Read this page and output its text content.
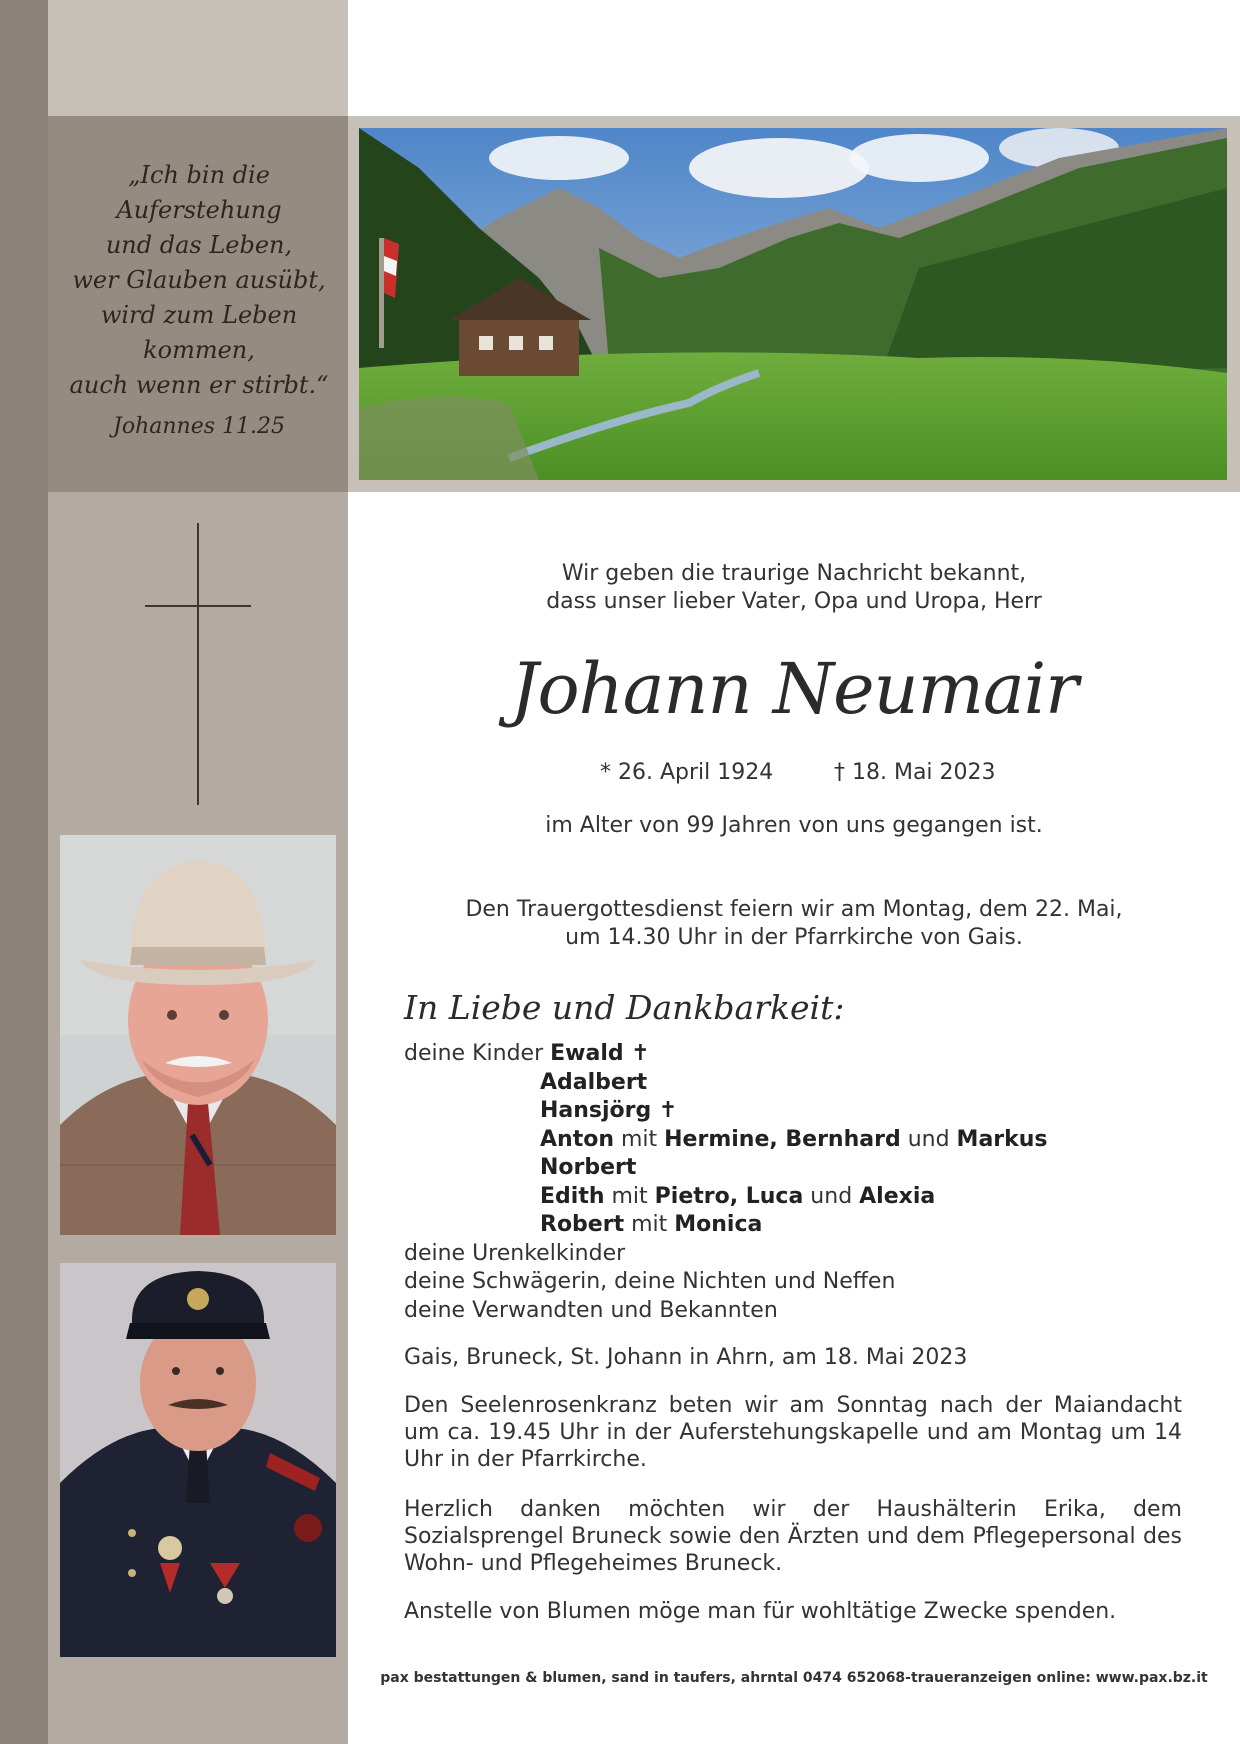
„Ich bin die
Auferstehung
und das Leben,
wer Glauben ausübt,
wird zum Leben
kommen,
auch wenn er stirbt.“
Johannes 11.25
Wir geben die traurige Nachricht bekannt,
dass unser lieber Vater, Opa und Uropa, Herr
Johann Neumair
* 26. April 1924	† 18. Mai 2023
im Alter von 99 Jahren von uns gegangen ist.
Den Trauergottesdienst feiern wir am Montag, dem 22. Mai,
um 14.30 Uhr in der Pfarrkirche von Gais.
In Liebe und Dankbarkeit:
deine Kinder Ewald ✝
Adalbert
Hansjörg ✝
Anton mit Hermine, Bernhard und Markus
Norbert
Edith mit Pietro, Luca und Alexia
Robert mit Monica
deine Urenkelkinder
deine Schwägerin, deine Nichten und Neffen
deine Verwandten und Bekannten
Gais, Bruneck, St. Johann in Ahrn, am 18. Mai 2023
Den Seelenrosenkranz beten wir am Sonntag nach der Maiandacht um ca. 19.45 Uhr in der Auferstehungskapelle und am Montag um 14 Uhr in der Pfarrkirche.
Herzlich danken möchten wir der Haushälterin Erika, dem Sozialsprengel Bruneck sowie den Ärzten und dem Pflegepersonal des Wohn- und Pflegeheimes Bruneck.
Anstelle von Blumen möge man für wohltätige Zwecke spenden.
pax bestattungen & blumen, sand in taufers, ahrntal 0474 652068-traueranzeigen online: www.pax.bz.it
